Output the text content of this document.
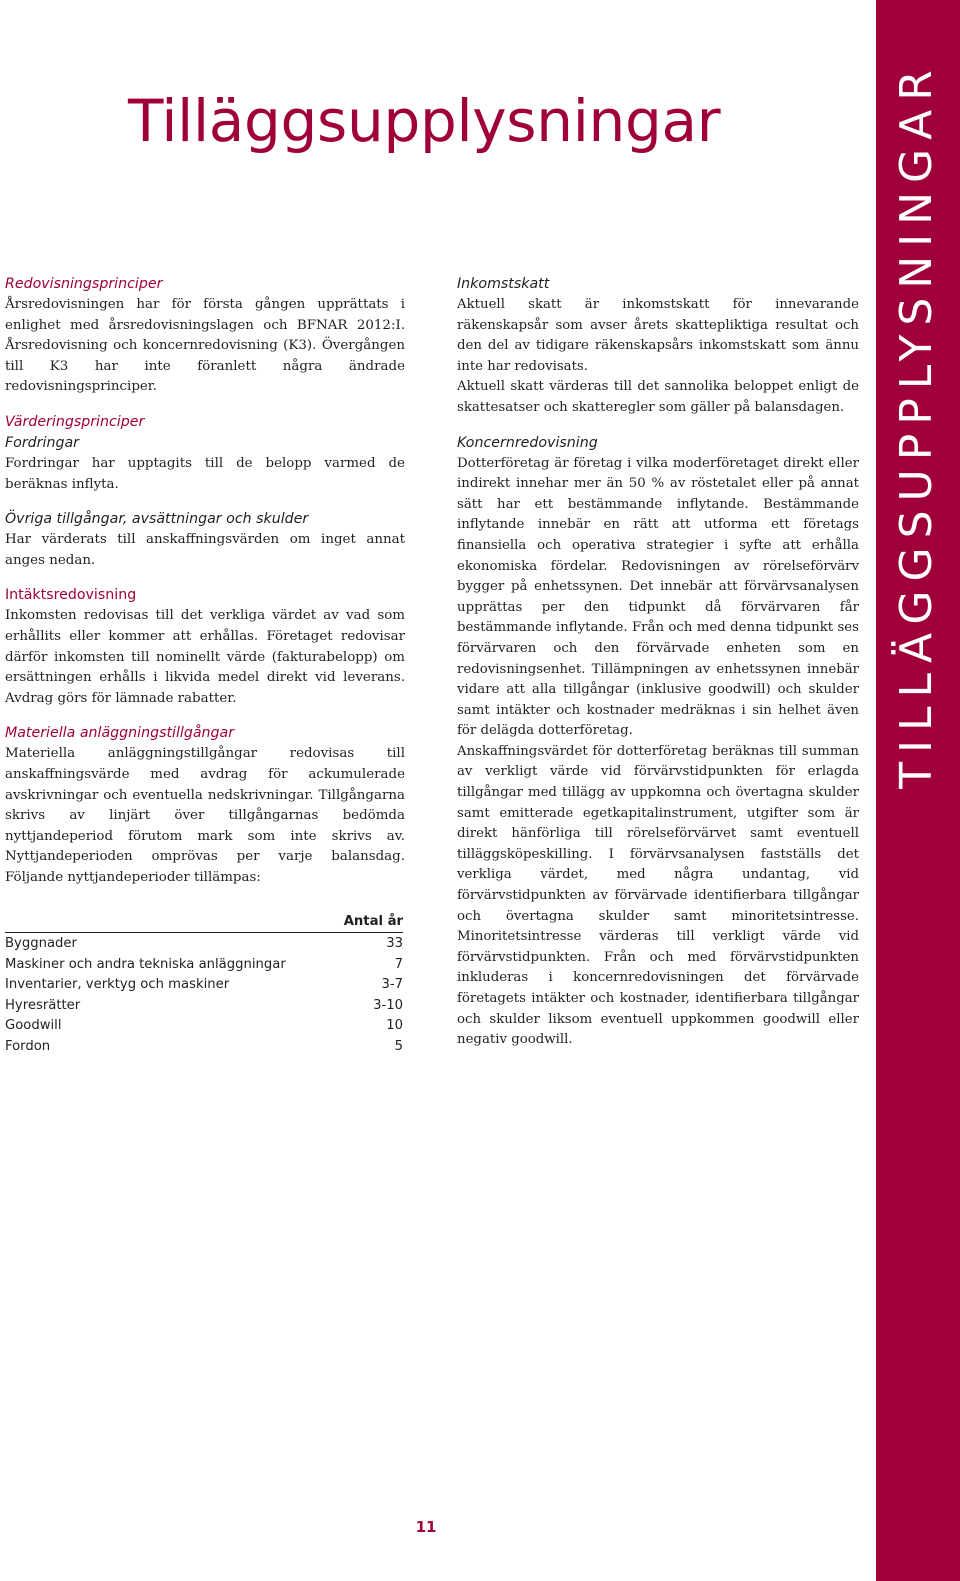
Tilläggsupplysningar
Redovisningsprinciper

Årsredovisningen har för första gången upprättats i enlighet med årsredovisningslagen och BFNAR 2012:I. Årsredovisning och koncernredovisning (K3). Övergången till K3 har inte föranlett några ändrade redovisningsprinciper.

Värderingsprinciper
Fordringar

Fordringar har upptagits till de belopp varmed de beräknas inflyta.

Övriga tillgångar, avsättningar och skulder

Har värderats till anskaffningsvärden om inget annat anges nedan.

Intäktsredovisning

Inkomsten redovisas till det verkliga värdet av vad som erhållits eller kommer att erhållas. Företaget redovisar därför inkomsten till nominellt värde (fakturabelopp) om ersättningen erhålls i likvida medel direkt vid leverans. Avdrag görs för lämnade rabatter.

Materiella anläggningstillgångar

Materiella anläggningstillgångar redovisas till anskaffningsvärde med avdrag för ackumulerade avskrivningar och eventuella nedskrivningar. Tillgångarna skrivs av linjärt över tillgångarnas bedömda nyttjandeperiod förutom mark som inte skrivs av. Nyttjandeperioden omprövas per varje balansdag. Följande nyttjandeperioder tillämpas:

	Antal år
Byggnader	33
Maskiner och andra tekniska anläggningar	7
Inventarier, verktyg och maskiner	3-7
Hyresrätter	3-10
Goodwill	10
Fordon	5
Inkomstskatt

Aktuell skatt är inkomstskatt för innevarande räkenskapsår som avser årets skattepliktiga resultat och den del av tidigare räkenskapsårs inkomstskatt som ännu inte har redovisats.

Aktuell skatt värderas till det sannolika beloppet enligt de skattesatser och skatteregler som gäller på balansdagen.

Koncernredovisning

Dotterföretag är företag i vilka moderföretaget direkt eller indirekt innehar mer än 50 % av röstetalet eller på annat sätt har ett bestämmande inflytande. Bestämmande inflytande innebär en rätt att utforma ett företags finansiella och operativa strategier i syfte att erhålla ekonomiska fördelar. Redovisningen av rörelseförvärv bygger på enhetssynen. Det innebär att förvärvsanalysen upprättas per den tidpunkt då förvärvaren får bestämmande inflytande. Från och med denna tidpunkt ses förvärvaren och den förvärvade enheten som en redovisningsenhet. Tillämpningen av enhetssynen innebär vidare att alla tillgångar (inklusive goodwill) och skulder samt intäkter och kostnader medräknas i sin helhet även för delägda dotterföretag.

Anskaffningsvärdet för dotterföretag beräknas till summan av verkligt värde vid förvärvstidpunkten för erlagda tillgångar med tillägg av uppkomna och övertagna skulder samt emitterade egetkapitalinstrument, utgifter som är direkt hänförliga till rörelseförvärvet samt eventuell tilläggsköpeskilling. I förvärvsanalysen fastställs det verkliga värdet, med några undantag, vid förvärvstidpunkten av förvärvade identifierbara tillgångar och övertagna skulder samt minoritetsintresse. Minoritetsintresse värderas till verkligt värde vid förvärvstidpunkten. Från och med förvärvstidpunkten inkluderas i koncernredovisningen det förvärvade företagets intäkter och kostnader, identifierbara tillgångar och skulder liksom eventuell uppkommen goodwill eller negativ goodwill.

TILLÄGGSUPPLYSNINGAR
11
